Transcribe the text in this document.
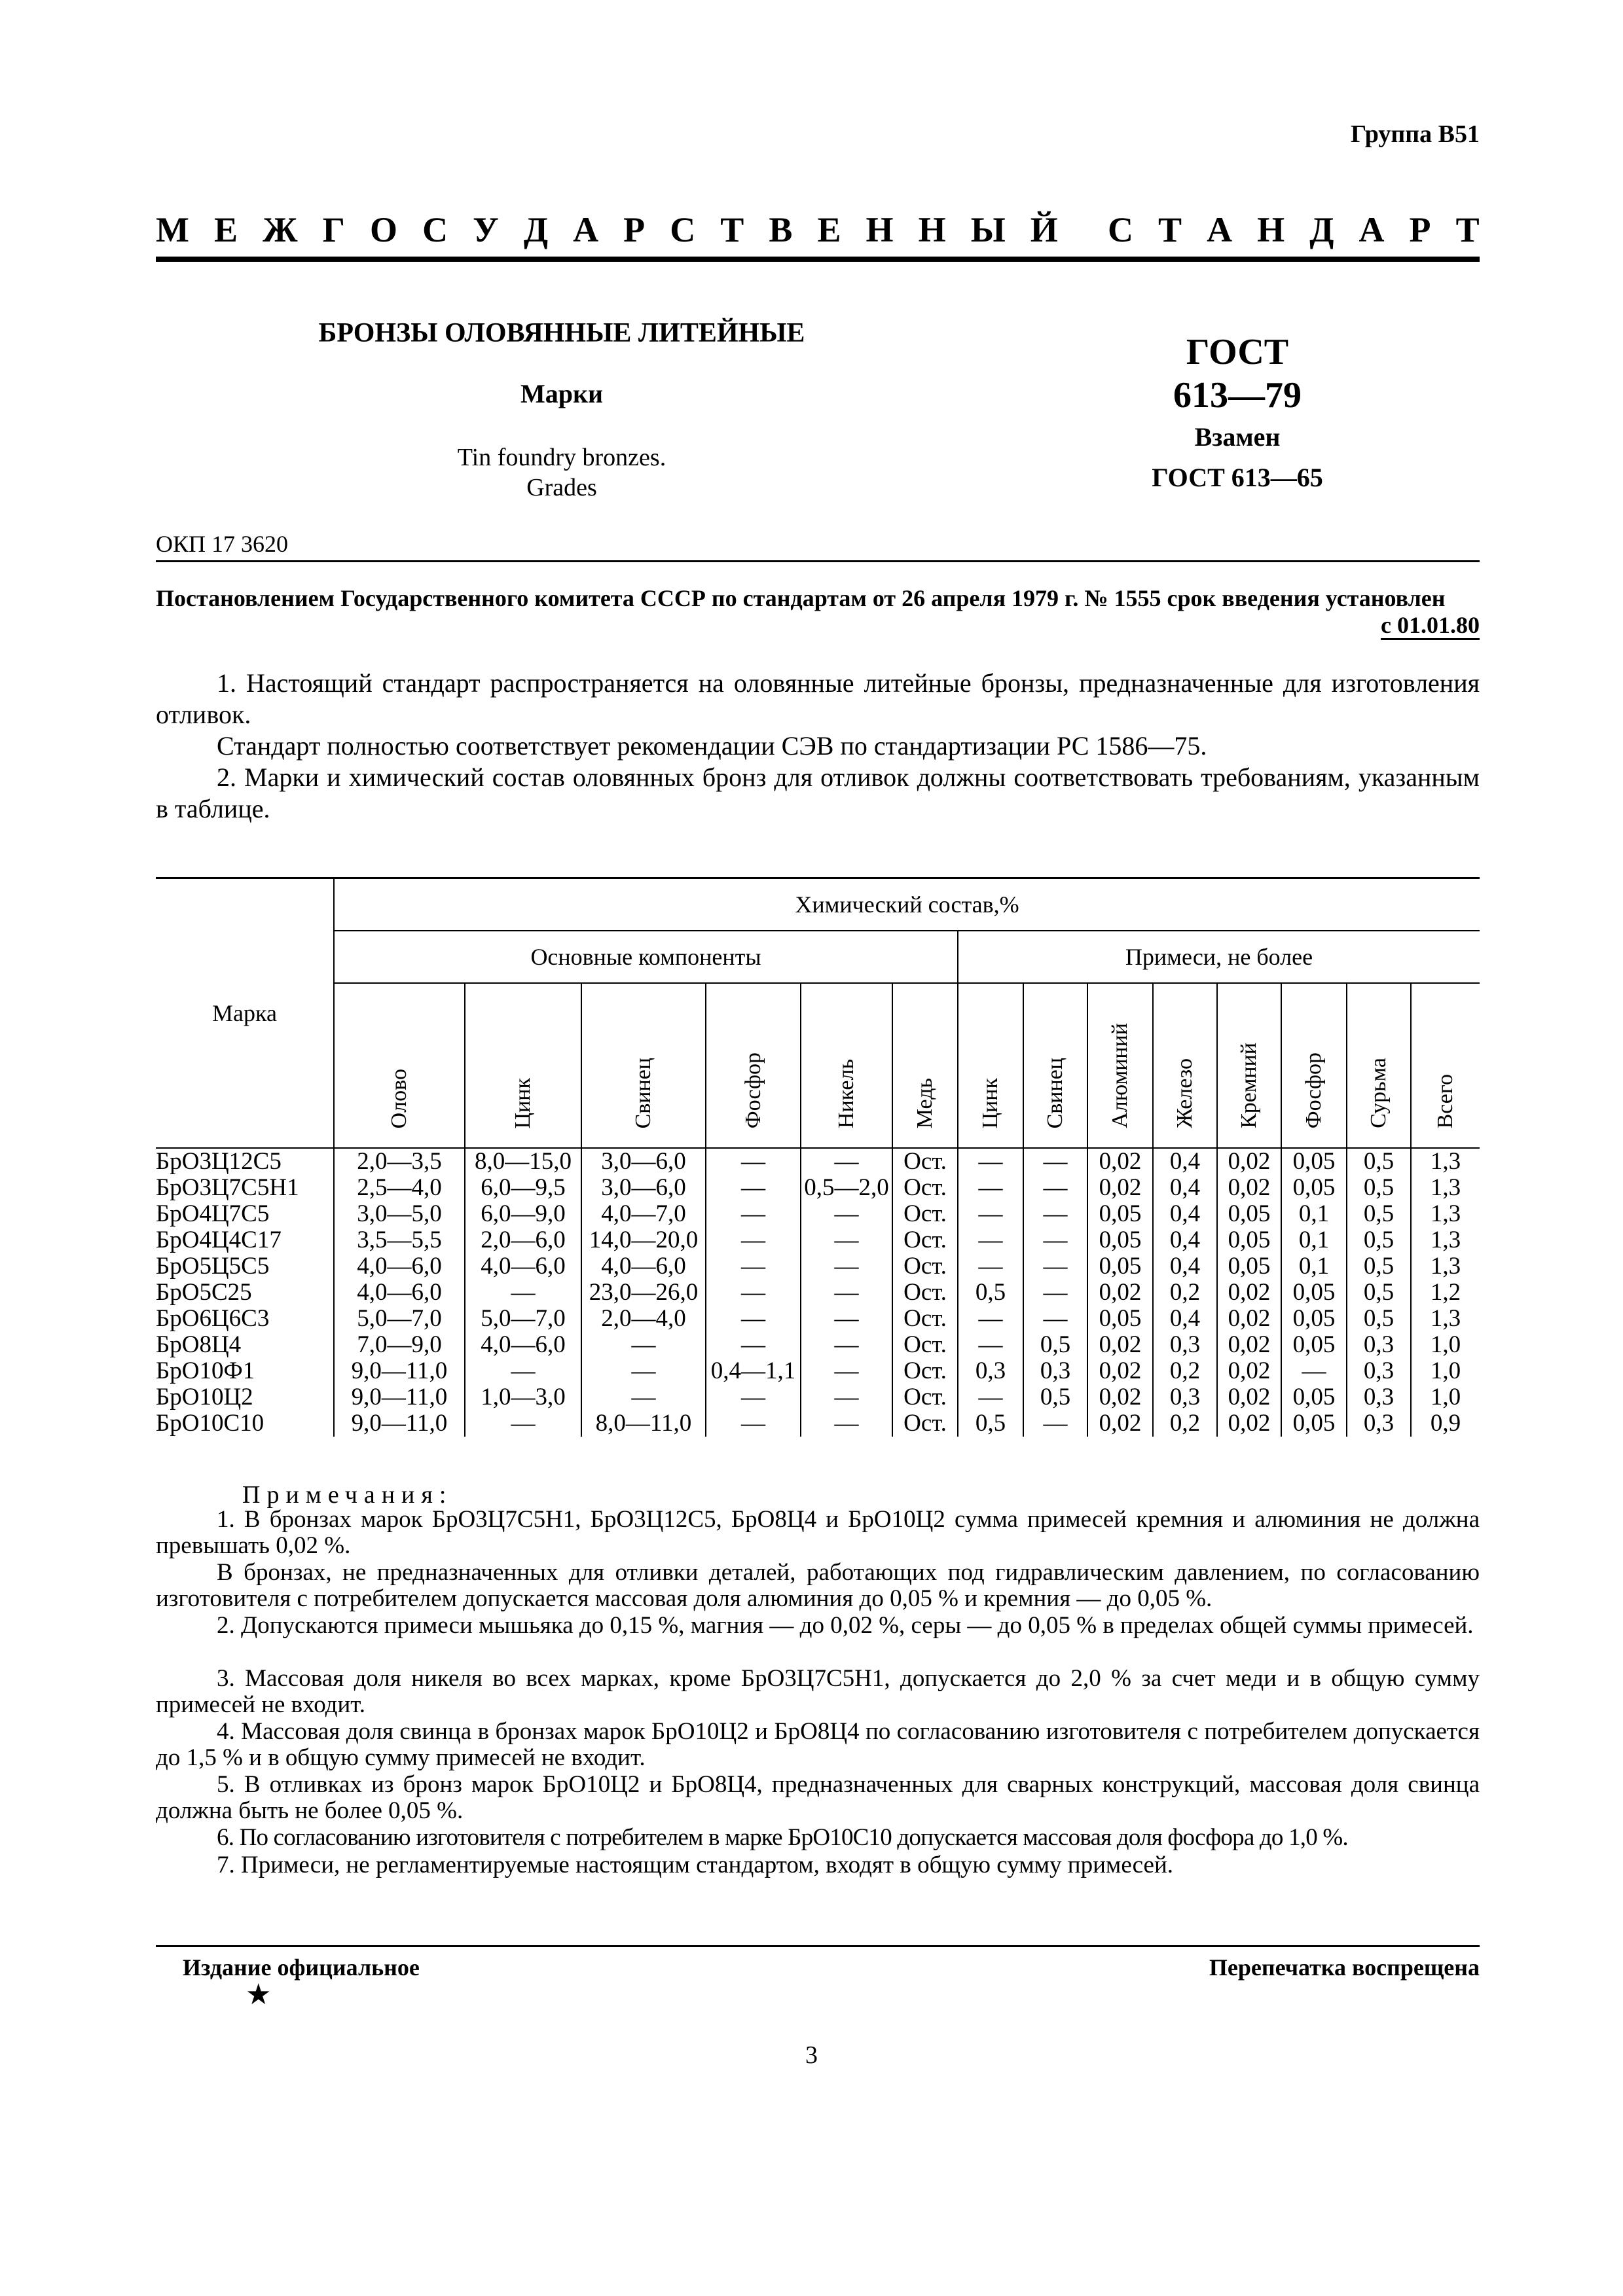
Группа В51
М Е Ж Г О С У Д А Р С Т В Е Н Н Ы Й С Т А Н Д А Р Т
БРОНЗЫ ОЛОВЯННЫЕ ЛИТЕЙНЫЕ
Марки
Tin foundry bronzes.
Grades
ГОСТ
613—79
Взамен
ГОСТ 613—65
ОКП 17 3620
Постановлением Государственного комитета СССР по стандартам от 26 апреля 1979 г. № 1555 срок введения установлен
с 01.01.80
1. Настоящий стандарт распространяется на оловянные литейные бронзы, предназначенные для изготовления отливок.
Стандарт полностью соответствует рекомендации СЭВ по стандартизации РС 1586—75.
2. Марки и химический состав оловянных бронз для отливок должны соответствовать требованиям, указанным в таблице.
Марка	Химический состав,%													
	Основные компоненты						Примеси, не более							
	Олово	Цинк	Свинец	Фосфор	Никель	Медь	Цинк	Свинец	Алюминий	Железо	Кремний	Фосфор	Сурьма	Всего
БрО3Ц12С5	2,0—3,5	8,0—15,0	3,0—6,0	—	—	Ост.	—	—	0,02	0,4	0,02	0,05	0,5	1,3
БрО3Ц7С5Н1	2,5—4,0	6,0—9,5	3,0—6,0	—	0,5—2,0	Ост.	—	—	0,02	0,4	0,02	0,05	0,5	1,3
БрО4Ц7С5	3,0—5,0	6,0—9,0	4,0—7,0	—	—	Ост.	—	—	0,05	0,4	0,05	0,1	0,5	1,3
БрО4Ц4С17	3,5—5,5	2,0—6,0	14,0—20,0	—	—	Ост.	—	—	0,05	0,4	0,05	0,1	0,5	1,3
БрО5Ц5С5	4,0—6,0	4,0—6,0	4,0—6,0	—	—	Ост.	—	—	0,05	0,4	0,05	0,1	0,5	1,3
БрО5С25	4,0—6,0	—	23,0—26,0	—	—	Ост.	0,5	—	0,02	0,2	0,02	0,05	0,5	1,2
БрО6Ц6С3	5,0—7,0	5,0—7,0	2,0—4,0	—	—	Ост.	—	—	0,05	0,4	0,02	0,05	0,5	1,3
БрО8Ц4	7,0—9,0	4,0—6,0	—	—	—	Ост.	—	0,5	0,02	0,3	0,02	0,05	0,3	1,0
БрО10Ф1	9,0—11,0	—	—	0,4—1,1	—	Ост.	0,3	0,3	0,02	0,2	0,02	—	0,3	1,0
БрО10Ц2	9,0—11,0	1,0—3,0	—	—	—	Ост.	—	0,5	0,02	0,3	0,02	0,05	0,3	1,0
БрО10С10	9,0—11,0	—	8,0—11,0	—	—	Ост.	0,5	—	0,02	0,2	0,02	0,05	0,3	0,9
Примечания:
1. В бронзах марок БрО3Ц7С5Н1, БрО3Ц12С5, БрО8Ц4 и БрО10Ц2 сумма примесей кремния и алюминия не должна превышать 0,02 %.
В бронзах, не предназначенных для отливки деталей, работающих под гидравлическим давлением, по согласованию изготовителя с потребителем допускается массовая доля алюминия до 0,05 % и кремния — до 0,05 %.
2. Допускаются примеси мышьяка до 0,15 %, магния — до 0,02 %, серы — до 0,05 % в пределах общей суммы примесей.
3. Массовая доля никеля во всех марках, кроме БрО3Ц7С5Н1, допускается до 2,0 % за счет меди и в общую сумму примесей не входит.
4. Массовая доля свинца в бронзах марок БрО10Ц2 и БрО8Ц4 по согласованию изготовителя с потребителем допускается до 1,5 % и в общую сумму примесей не входит.
5. В отливках из бронз марок БрО10Ц2 и БрО8Ц4, предназначенных для сварных конструкций, массовая доля свинца должна быть не более 0,05 %.
6. По согласованию изготовителя с потребителем в марке БрО10С10 допускается массовая доля фосфора до 1,0 %.
7. Примеси, не регламентируемые настоящим стандартом, входят в общую сумму примесей.
Издание официальное	Перепечатка воспрещена
★
3
